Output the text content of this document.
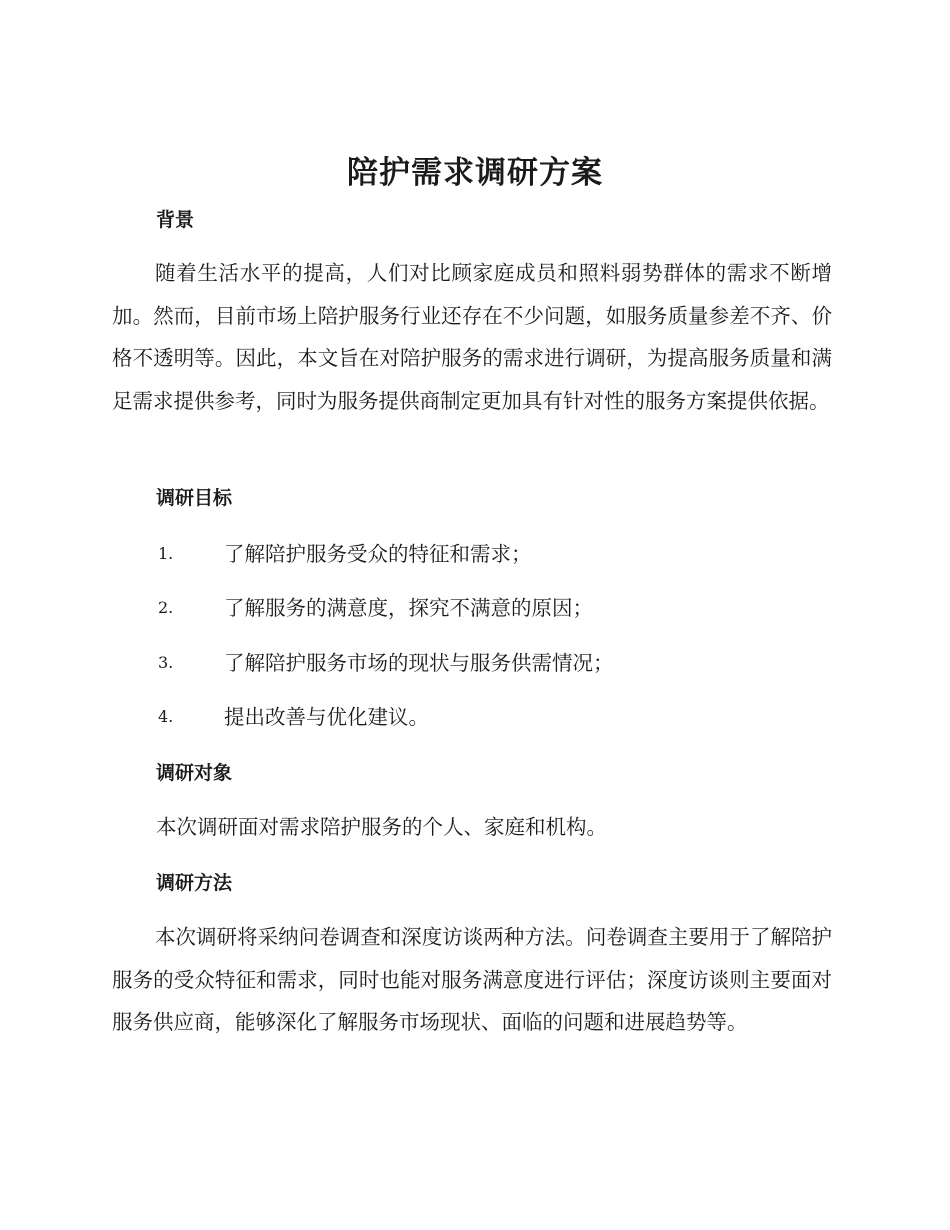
陪护需求调研方案
背景

随着生活水平的提高，人们对比顾家庭成员和照料弱势群体的需求不断增加。然而，目前市场上陪护服务行业还存在不少问题，如服务质量参差不齐、价格不透明等。因此，本文旨在对陪护服务的需求进行调研，为提高服务质量和满足需求提供参考，同时为服务提供商制定更加具有针对性的服务方案提供依据。

调研目标
1. 了解陪护服务受众的特征和需求；
2. 了解服务的满意度，探究不满意的原因；
3. 了解陪护服务市场的现状与服务供需情况；
4. 提出改善与优化建议。
调研对象

本次调研面对需求陪护服务的个人、家庭和机构。

调研方法

本次调研将采纳问卷调查和深度访谈两种方法。问卷调查主要用于了解陪护服务的受众特征和需求，同时也能对服务满意度进行评估；深度访谈则主要面对服务供应商，能够深化了解服务市场现状、面临的问题和进展趋势等。
